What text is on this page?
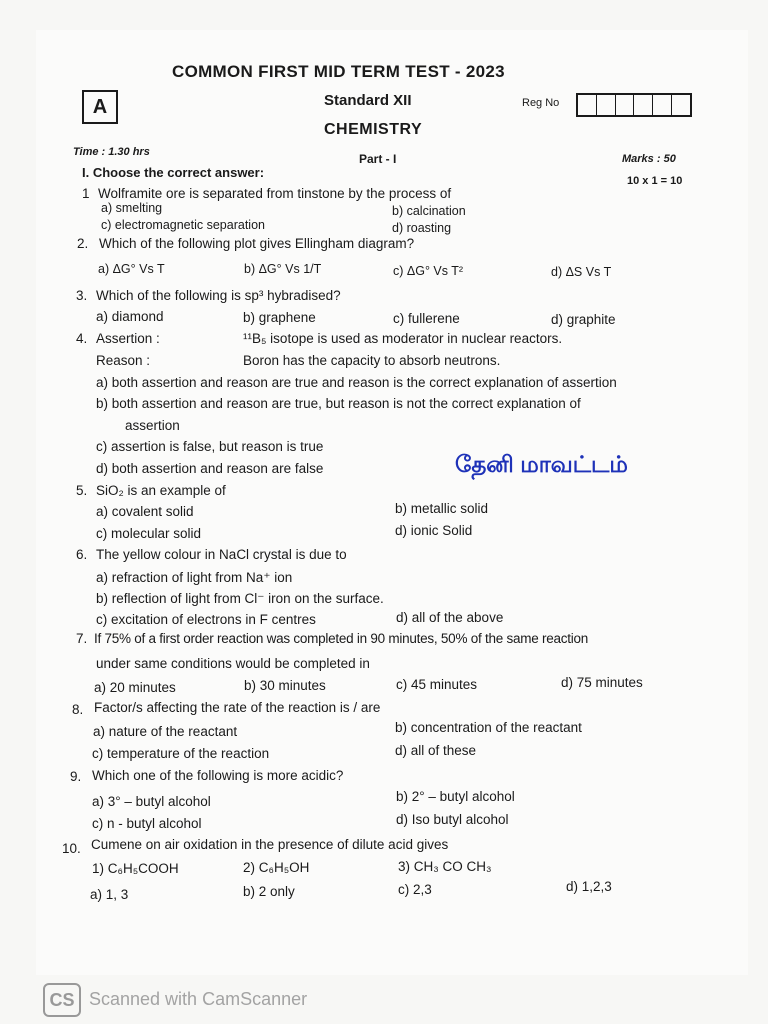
COMMON FIRST MID TERM TEST - 2023
A	Standard XII
CHEMISTRY
Reg No
Time : 1.30 hrs	Part - I	Marks : 50
I. Choose the correct answer:
10 x 1 = 10
1 Wolframite ore is separated from tinstone by the process of
a) smelting	b) calcination
c) electromagnetic separation	d) roasting
2. Which of the following plot gives Ellingham diagram?
a) ΔG° Vs T	b) ΔG° Vs 1/T	c) ΔG° Vs T²	d) ΔS Vs T
3. Which of the following is sp³ hybradised?
a) diamond	b) graphene	c) fullerene	d) graphite
4. Assertion :	¹¹B₅ isotope is used as moderator in nuclear reactors.
Reason :	Boron has the capacity to absorb neutrons.
a) both assertion and reason are true and reason is the correct explanation of assertion
b) both assertion and reason are true, but reason is not the correct explanation of
assertion
c) assertion is false, but reason is true
d) both assertion and reason are false	தேனி மாவட்டம்
5. SiO₂ is an example of
a) covalent solid	b) metallic solid
c) molecular solid	d) ionic Solid
6. The yellow colour in NaCl crystal is due to
a) refraction of light from Na⁺ ion
b) reflection of light from Cl⁻ iron on the surface.
c) excitation of electrons in F centres	d) all of the above
7. If 75% of a first order reaction was completed in 90 minutes, 50% of the same reaction
under same conditions would be completed in
a) 20 minutes	b) 30 minutes	c) 45 minutes	d) 75 minutes
8. Factor/s affecting the rate of the reaction is / are
a) nature of the reactant	b) concentration of the reactant
c) temperature of the reaction	d) all of these
9. Which one of the following is more acidic?
a) 3° – butyl alcohol	b) 2° – butyl alcohol
c) n - butyl alcohol	d) Iso butyl alcohol
10. Cumene on air oxidation in the presence of dilute acid gives
1) C₆H₅COOH	2) C₆H₅OH	3) CH₃ CO CH₃
a) 1, 3	b) 2 only	c) 2,3	d) 1,2,3
CS Scanned with CamScanner
